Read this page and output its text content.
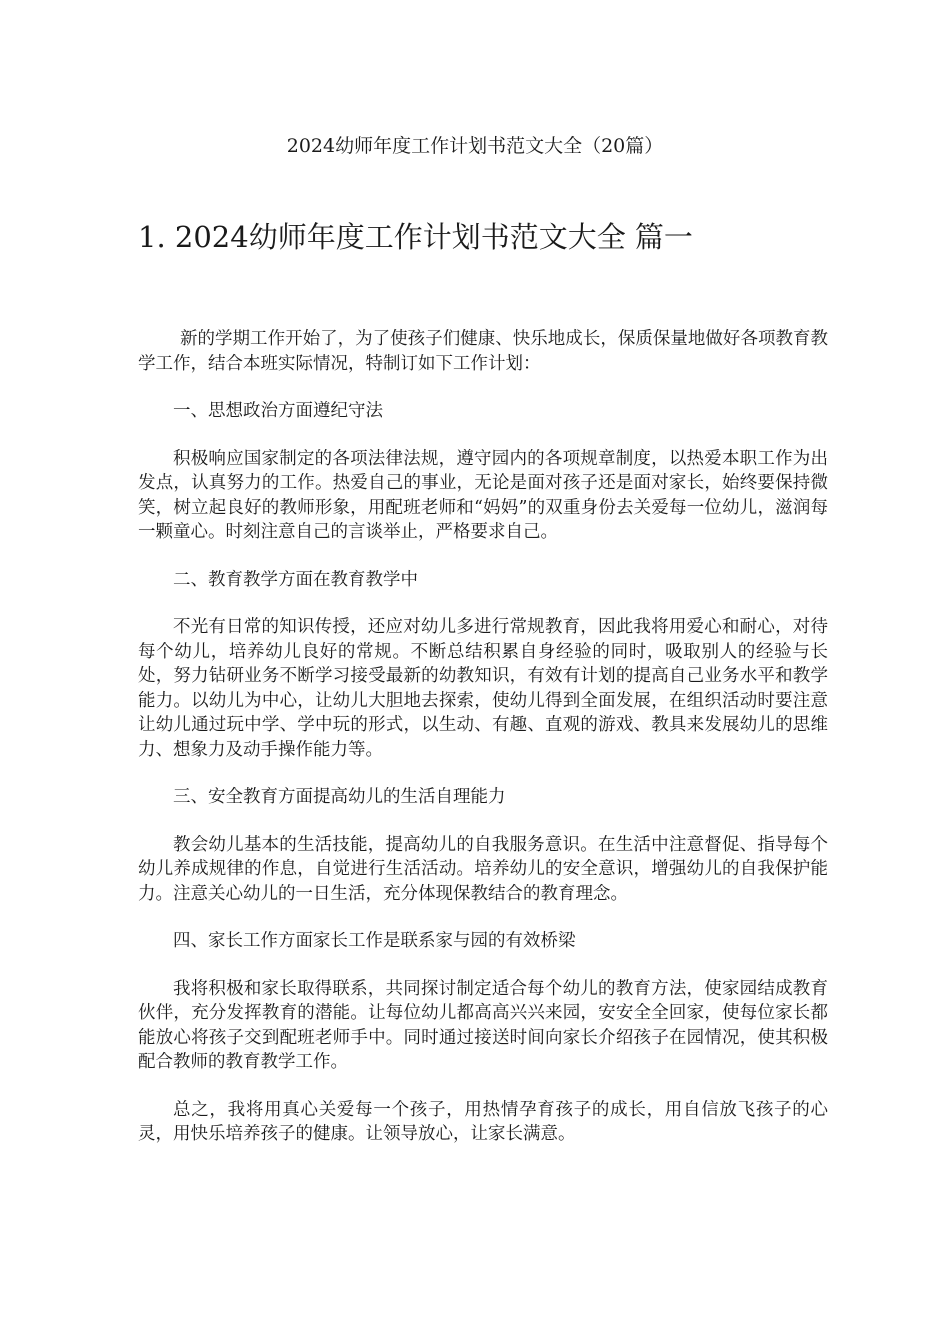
2024幼师年度工作计划书范文大全（20篇）
1. 2024幼师年度工作计划书范文大全 篇一

新的学期工作开始了，为了使孩子们健康、快乐地成长，保质保量地做好各项教育教学工作，结合本班实际情况，特制订如下工作计划：

一、思想政治方面遵纪守法

积极响应国家制定的各项法律法规，遵守园内的各项规章制度，以热爱本职工作为出发点，认真努力的工作。热爱自己的事业，无论是面对孩子还是面对家长，始终要保持微笑，树立起良好的教师形象，用配班老师和“妈妈”的双重身份去关爱每一位幼儿，滋润每一颗童心。时刻注意自己的言谈举止，严格要求自己。

二、教育教学方面在教育教学中

不光有日常的知识传授，还应对幼儿多进行常规教育，因此我将用爱心和耐心，对待每个幼儿，培养幼儿良好的常规。不断总结积累自身经验的同时，吸取别人的经验与长处，努力钻研业务不断学习接受最新的幼教知识，有效有计划的提高自己业务水平和教学能力。以幼儿为中心，让幼儿大胆地去探索，使幼儿得到全面发展，在组织活动时要注意让幼儿通过玩中学、学中玩的形式，以生动、有趣、直观的游戏、教具来发展幼儿的思维力、想象力及动手操作能力等。

三、安全教育方面提高幼儿的生活自理能力

教会幼儿基本的生活技能，提高幼儿的自我服务意识。在生活中注意督促、指导每个幼儿养成规律的作息，自觉进行生活活动。培养幼儿的安全意识，增强幼儿的自我保护能力。注意关心幼儿的一日生活，充分体现保教结合的教育理念。

四、家长工作方面家长工作是联系家与园的有效桥梁

我将积极和家长取得联系，共同探讨制定适合每个幼儿的教育方法，使家园结成教育伙伴，充分发挥教育的潜能。让每位幼儿都高高兴兴来园，安安全全回家，使每位家长都能放心将孩子交到配班老师手中。同时通过接送时间向家长介绍孩子在园情况，使其积极配合教师的教育教学工作。

总之，我将用真心关爱每一个孩子，用热情孕育孩子的成长，用自信放飞孩子的心灵，用快乐培养孩子的健康。让领导放心，让家长满意。
